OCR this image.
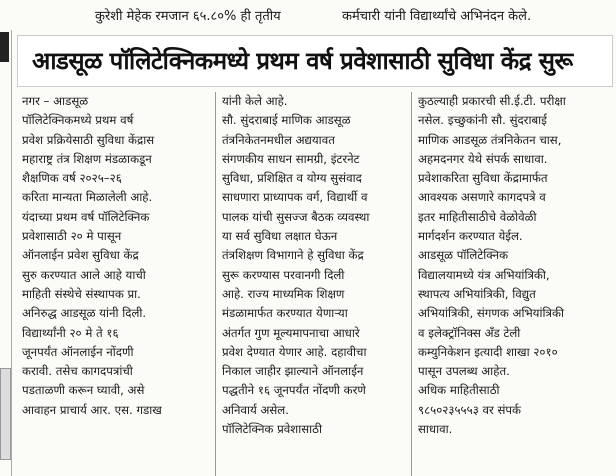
कुरेशी मेहेक रमजान ६५.८०% ही तृतीय	कर्मचारी यांनी विद्यार्थ्यांचे अभिनंदन केले.
आडसूळ पॉलिटेक्निकमध्ये प्रथम वर्ष प्रवेशासाठी सुविधा केंद्र सुरू

नगर – आडसूळ
पॉलिटेक्निकमध्ये प्रथम वर्ष
प्रवेश प्रक्रियेसाठी सुविधा केंद्रास
महाराष्ट्र तंत्र शिक्षण मंडळाकडून
शैक्षणिक वर्ष २०२५–२६
करिता मान्यता मिळालेली आहे.
यंदाच्या प्रथम वर्ष पॉलिटेक्निक
प्रवेशासाठी २० मे पासून
ऑनलाईन प्रवेश सुविधा केंद्र
सुरु करण्यात आले आहे याची
माहिती संस्थेचे संस्थापक प्रा.
अनिरुद्ध आडसूळ यांनी दिली.

विद्यार्थ्यांनी २० मे ते १६
जूनपर्यंत ऑनलाईन नोंदणी
करावी. तसेच कागदपत्रांची
पडताळणी करून घ्यावी, असे
आवाहन प्राचार्य आर. एस. गडाख

यांनी केले आहे.

सौ. सुंदराबाई माणिक आडसूळ
तंत्रनिकेतनमधील अद्ययावत
संगणकीय साधन सामग्री, इंटरनेट
सुविधा, प्रशिक्षित व योग्य सुसंवाद
साधणारा प्राध्यापक वर्ग, विद्यार्थी व
पालक यांची सुसज्ज बैठक व्यवस्था
या सर्व सुविधा लक्षात घेऊन
तंत्रशिक्षण विभागाने हे सुविधा केंद्र
सुरू करण्यास परवानगी दिली
आहे. राज्य माध्यमिक शिक्षण
मंडळामार्फत करण्यात येणाऱ्या
अंतर्गत गुण मूल्यमापनाचा आधारे
प्रवेश देण्यात येणार आहे. दहावीचा
निकाल जाहीर झाल्याने ऑनलाईन
पद्धतीने १६ जूनपर्यंत नोंदणी करणे
अनिवार्य असेल.

पॉलिटेक्निक प्रवेशासाठी

कुठल्याही प्रकारची सी.ई.टी. परीक्षा
नसेल. इच्छुकांनी सौ. सुंदराबाई
माणिक आडसूळ तंत्रनिकेतन चास,
अहमदनगर येथे संपर्क साधावा.
प्रवेशाकरिता सुविधा केंद्रामार्फत
आवश्यक असणारे कागदपत्रे व
इतर माहितीसाठीचे वेळोवेळी
मार्गदर्शन करण्यात येईल.

आडसूळ पॉलिटेक्निक
विद्यालयामध्ये यंत्र अभियांत्रिकी,
स्थापत्य अभियांत्रिकी, विद्युत
अभियांत्रिकी, संगणक अभियांत्रिकी
व इलेक्ट्रॉनिक्स अँड टेली
कम्युनिकेशन इत्यादी शाखा २०१०
पासून उपलब्ध आहेत.

अधिक माहितीसाठी
९८५०२३५५५३ वर संपर्क
साधावा.
